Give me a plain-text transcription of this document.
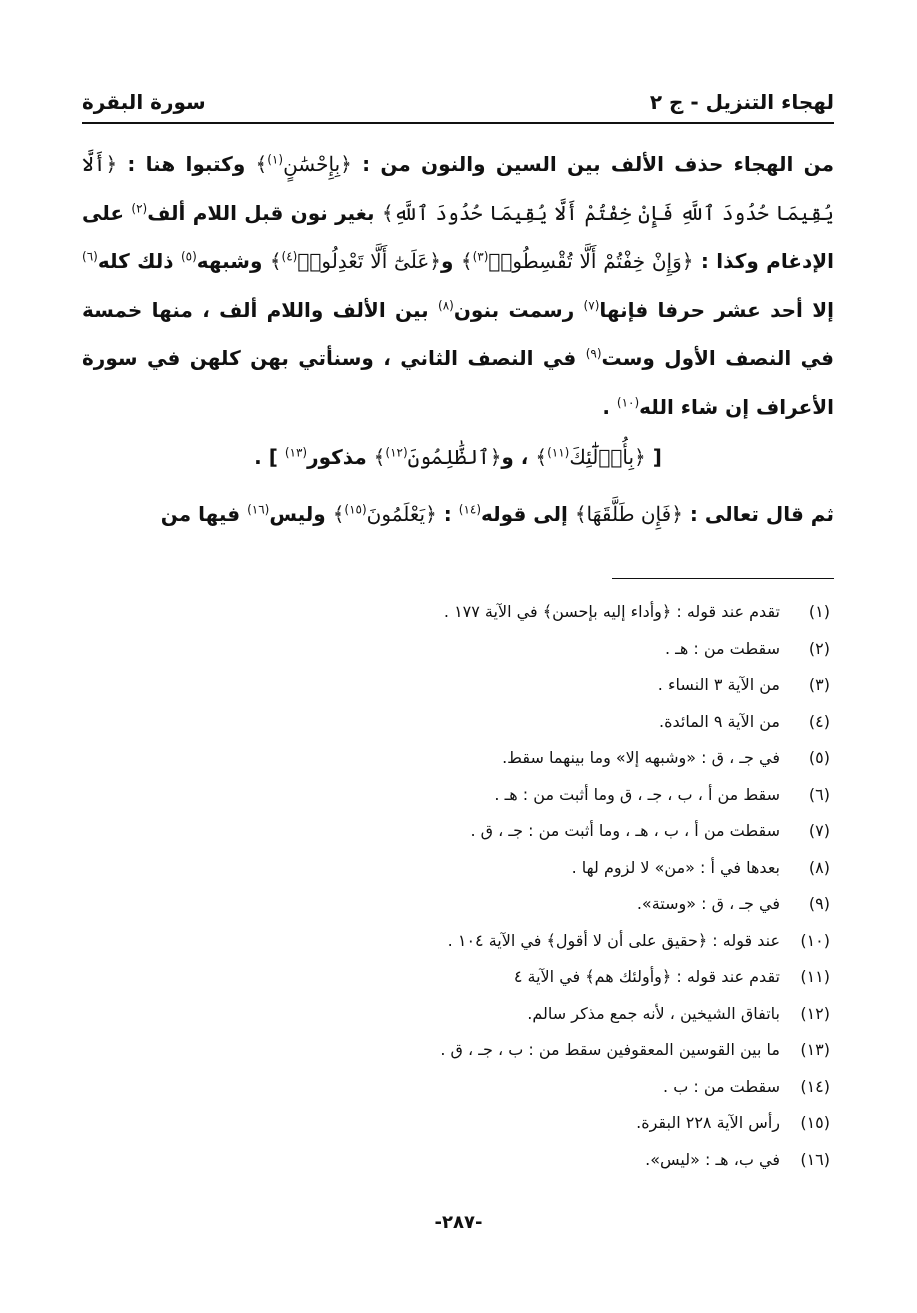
لهجاء التنزيل - ج ٢
سورة البقرة

من الهجاء حذف الألف بين السين والنون من : ﴿بِإِحْسَٰنٍ$^{(١)}$﴾ وكتبوا هنا : ﴿أَلَّا يُقِيمَا حُدُودَ ٱللَّهِ فَإِنْ خِفْتُمْ أَلَّا يُقِيمَا حُدُودَ ٱللَّهِ﴾ بغير نون قبل اللام ألف$^{(٢)}$ على الإدغام وكذا : ﴿وَإِنْ خِفْتُمْ أَلَّا تُقْسِطُوا۟$^{(٣)}$﴾ و﴿عَلَىٰٓ أَلَّا تَعْدِلُوا۟$^{(٤)}$﴾ وشبهه$^{(٥)}$ ذلك كله$^{(٦)}$ إلا أحد عشر حرفا فإنها$^{(٧)}$ رسمت بنون$^{(٨)}$ بين الألف واللام ألف ، منها خمسة في النصف الأول وست$^{(٩)}$ في النصف الثاني ، وسنأتي بهن كلهن في سورة الأعراف إن شاء الله$^{(١٠)}$ .

[ ﴿بِأُو۟لَٰٓئِكَ$^{(١١)}$﴾ ، و﴿ٱلظَّٰلِمُونَ$^{(١٢)}$﴾ مذكور$^{(١٣)}$ ] .

ثم قال تعالى : ﴿فَإِن طَلَّقَهَا﴾ إلى قوله$^{(١٤)}$ : ﴿يَعْلَمُونَ$^{(١٥)}$﴾ وليس$^{(١٦)}$ فيها من

(١)
تقدم عند قوله : ﴿وأداء إليه بإحسن﴾ في الآية ١٧٧ .
(٢)
سقطت من : هـ .
(٣)
من الآية ٣ النساء .
(٤)
من الآية ٩ المائدة.
(٥)
في جـ ، ق : «وشبهه إلا» وما بينهما سقط.
(٦)
سقط من أ ، ب ، جـ ، ق وما أثبت من : هـ .
(٧)
سقطت من أ ، ب ، هـ ، وما أثبت من : جـ ، ق .
(٨)
بعدها في أ : «من» لا لزوم لها .
(٩)
في جـ ، ق : «وستة».
(١٠)
عند قوله : ﴿حقيق على أن لا أقول﴾ في الآية ١٠٤ .
(١١)
تقدم عند قوله : ﴿وأولئك هم﴾ في الآية ٤
(١٢)
باتفاق الشيخين ، لأنه جمع مذكر سالم.
(١٣)
ما بين القوسين المعقوفين سقط من : ب ، جـ ، ق .
(١٤)
سقطت من : ب .
(١٥)
رأس الآية ٢٢٨ البقرة.
(١٦)
في ب، هـ : «ليس».
-٢٨٧-
